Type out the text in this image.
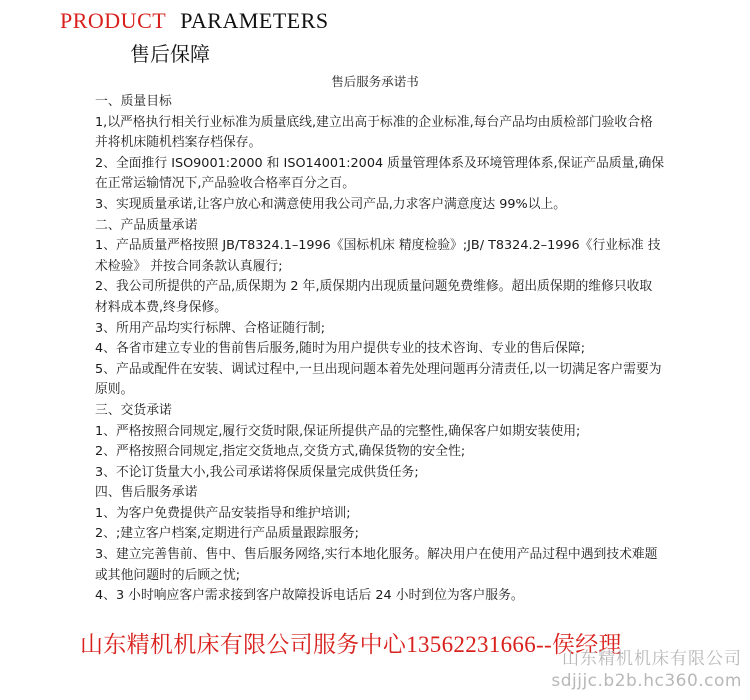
PRODUCT PARAMETERS
售后保障
售后服务承诺书

一、质量目标

1,以严格执行相关行业标准为质量底线,建立出高于标准的企业标准,每台产品均由质检部门验收合格并将机床随机档案存档保存。

2、全面推行 ISO9001:2000 和 ISO14001:2004 质量管理体系及环境管理体系,保证产品质量,确保在正常运输情况下,产品验收合格率百分之百。

3、实现质量承诺,让客户放心和满意使用我公司产品,力求客户满意度达 99%以上。

二、产品质量承诺

1、产品质量严格按照 JB/T8324.1–1996《国标机床 精度检验》;JB/ T8324.2–1996《行业标准 技术检验》 并按合同条款认真履行;

2、我公司所提供的产品,质保期为 2 年,质保期内出现质量问题免费维修。超出质保期的维修只收取材料成本费,终身保修。

3、所用产品均实行标牌、合格证随行制;

4、各省市建立专业的售前售后服务,随时为用户提供专业的技术咨询、专业的售后保障;

5、产品或配件在安装、调试过程中,一旦出现问题本着先处理问题再分清责任,以一切满足客户需要为原则。

三、交货承诺

1、严格按照合同规定,履行交货时限,保证所提供产品的完整性,确保客户如期安装使用;

2、严格按照合同规定,指定交货地点,交货方式,确保货物的安全性;

3、不论订货量大小,我公司承诺将保质保量完成供货任务;

四、售后服务承诺

1、为客户免费提供产品安装指导和维护培训;

2、;建立客户档案,定期进行产品质量跟踪服务;

3、建立完善售前、售中、售后服务网络,实行本地化服务。解决用户在使用产品过程中遇到技术难题或其他问题时的后顾之忧;

4、3 小时响应客户需求接到客户故障投诉电话后 24 小时到位为客户服务。

山东精机机床有限公司服务中心13562231666--侯经理
山东精机机床有限公司
sdjjjc.b2b.hc360.com
